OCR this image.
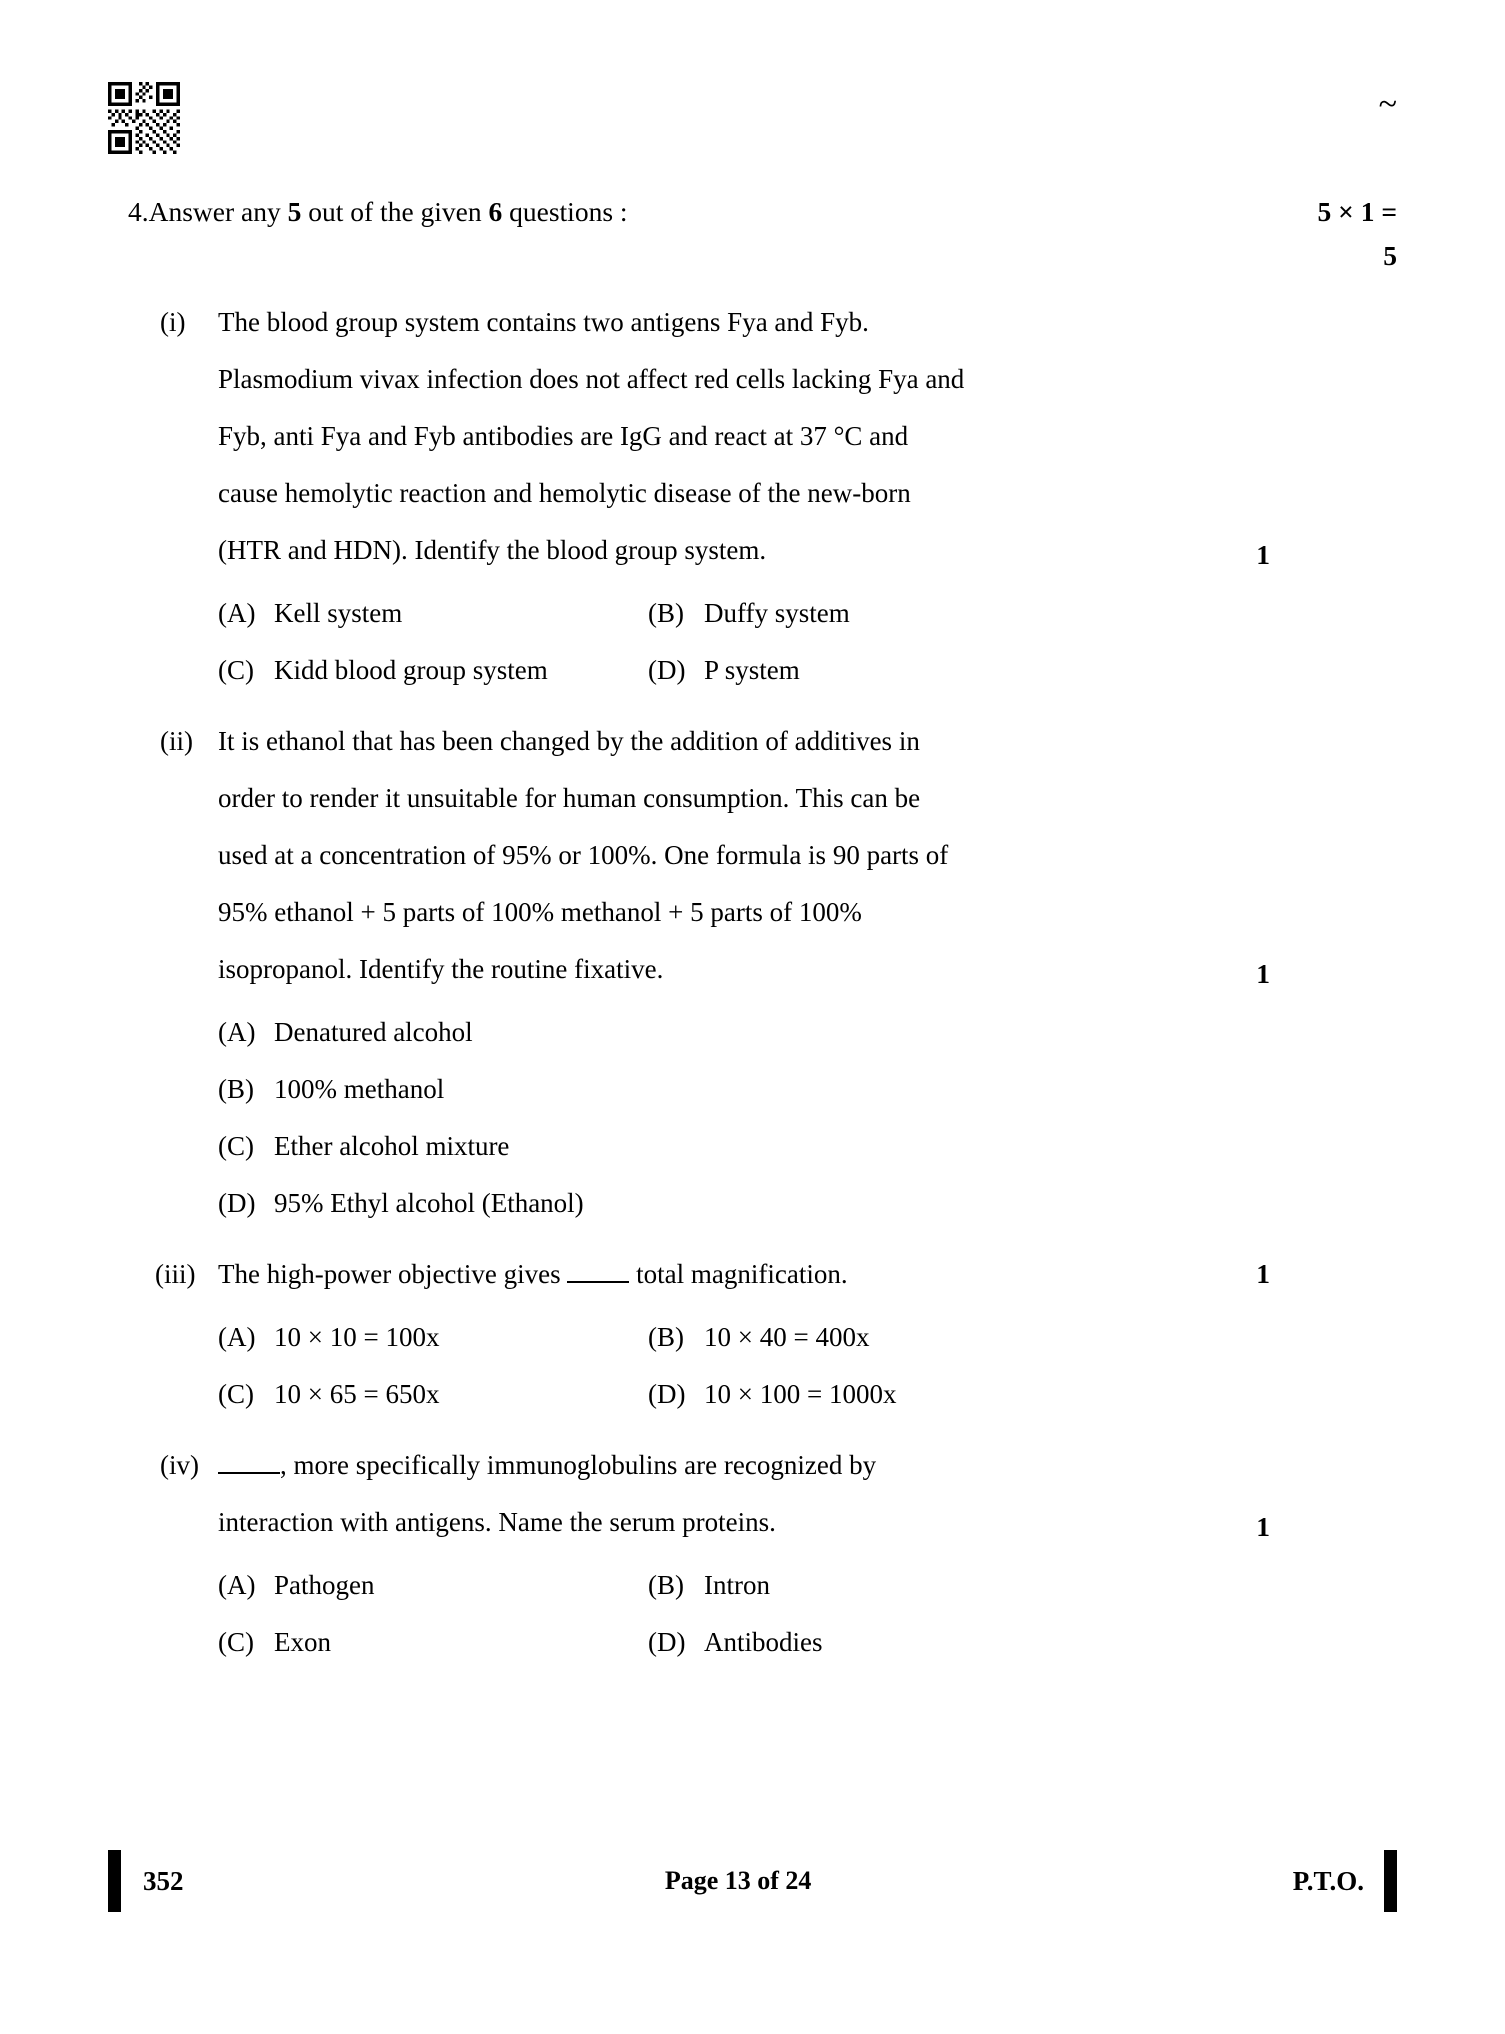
~
4. Answer any 5 out of the given 6 questions :	5 × 1 = 5
(i)	The blood group system contains two antigens Fya and Fyb.

Plasmodium vivax infection does not affect red cells lacking Fya and

Fyb, anti Fya and Fyb antibodies are IgG and react at 37 °C and

cause hemolytic reaction and hemolytic disease of the new-born

(HTR and HDN). Identify the blood group system.	1
(A) Kell system	(B) Duffy system
(C) Kidd blood group system	(D) P system
(ii) It is ethanol that has been changed by the addition of additives in

order to render it unsuitable for human consumption. This can be

used at a concentration of 95% or 100%. One formula is 90 parts of

95% ethanol + 5 parts of 100% methanol + 5 parts of 100%

isopropanol. Identify the routine fixative.	1
(A) Denatured alcohol
(B) 100% methanol
(C) Ether alcohol mixture
(D) 95% Ethyl alcohol (Ethanol)
(iii) The high-power objective gives  total magnification.	1
(A) 10 × 10 = 100x	(B) 10 × 40 = 400x
(C) 10 × 65 = 650x	(D) 10 × 100 = 1000x
(iv)	, more specifically immunoglobulins are recognized by

interaction with antigens. Name the serum proteins.	1
(A) Pathogen	(B) Intron
(C) Exon	(D) Antibodies
352	Page 13 of 24	P.T.O.
